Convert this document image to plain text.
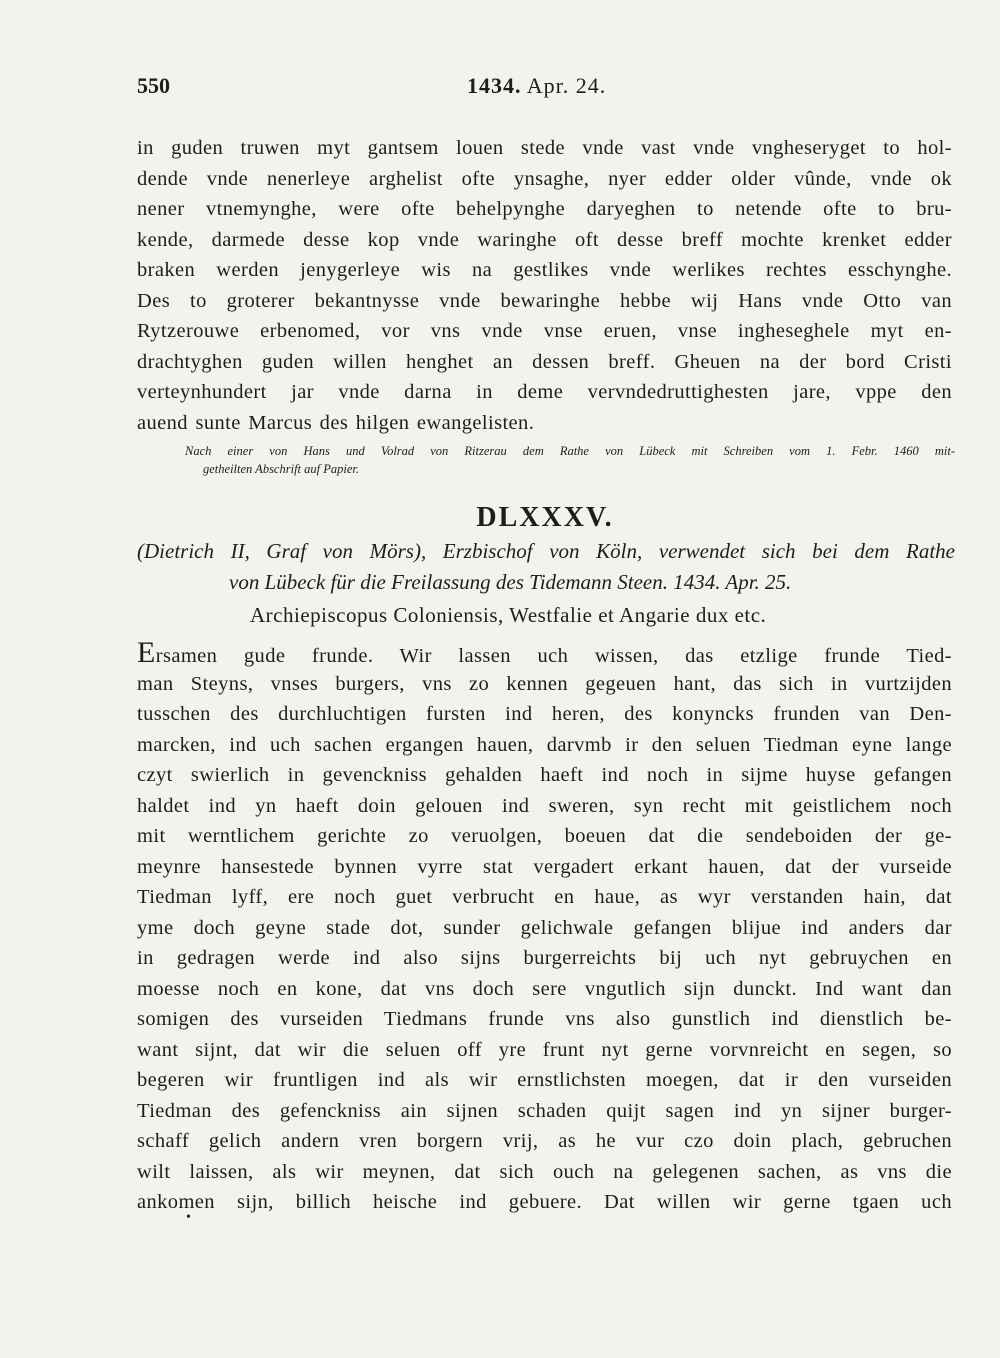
550	1434. Apr. 24.
in guden truwen myt gantsem louen stede vnde vast vnde vngheseryget to hol-
dende vnde nenerleye arghelist ofte ynsaghe, nyer edder older vûnde, vnde ok
nener vtnemynghe, were ofte behelpynghe daryeghen to netende ofte to bru-
kende, darmede desse kop vnde waringhe oft desse breff mochte krenket edder
braken werden jenygerleye wis na gestlikes vnde werlikes rechtes esschynghe.
Des to groterer bekantnysse vnde bewaringhe hebbe wij Hans vnde Otto van
Rytzerouwe erbenomed, vor vns vnde vnse eruen, vnse ingheseghele myt en-
drachtyghen guden willen henghet an dessen breff. Gheuen na der bord Cristi
verteynhundert jar vnde darna in deme vervndedruttighesten jare, vppe den
auend sunte Marcus des hilgen ewangelisten.
Nach einer von Hans und Volrad von Ritzerau dem Rathe von Lübeck mit Schreiben vom 1. Febr. 1460 mit-
getheilten Abschrift auf Papier.
DLXXXV.
(Dietrich II, Graf von Mörs), Erzbischof von Köln, verwendet sich bei dem Rathe
von Lübeck für die Freilassung des Tidemann Steen. 1434. Apr. 25.
Archiepiscopus Coloniensis, Westfalie et Angarie dux etc.
Ersamen gude frunde. Wir lassen uch wissen, das etzlige frunde Tied-
man Steyns, vnses burgers, vns zo kennen gegeuen hant, das sich in vurtzijden
tusschen des durchluchtigen fursten ind heren, des konyncks frunden van Den-
marcken, ind uch sachen ergangen hauen, darvmb ir den seluen Tiedman eyne lange
czyt swierlich in gevenckniss gehalden haeft ind noch in sijme huyse gefangen
haldet ind yn haeft doin gelouen ind sweren, syn recht mit geistlichem noch
mit werntlichem gerichte zo veruolgen, boeuen dat die sendeboiden der ge-
meynre hansestede bynnen vyrre stat vergadert erkant hauen, dat der vurseide
Tiedman lyff, ere noch guet verbrucht en haue, as wyr verstanden hain, dat
yme doch geyne stade dot, sunder gelichwale gefangen blijue ind anders dar
in gedragen werde ind also sijns burgerreichts bij uch nyt gebruychen en
moesse noch en kone, dat vns doch sere vngutlich sijn dunckt. Ind want dan
somigen des vurseiden Tiedmans frunde vns also gunstlich ind dienstlich be-
want sijnt, dat wir die seluen off yre frunt nyt gerne vorvnreicht en segen, so
begeren wir fruntligen ind als wir ernstlichsten moegen, dat ir den vurseiden
Tiedman des gefenckniss ain sijnen schaden quijt sagen ind yn sijner burger-
schaff gelich andern vren borgern vrij, as he vur czo doin plach, gebruchen
wilt laissen, als wir meynen, dat sich ouch na gelegenen sachen, as vns die
ankomen sijn, billich heische ind gebuere. Dat willen wir gerne tgaen uch
•
